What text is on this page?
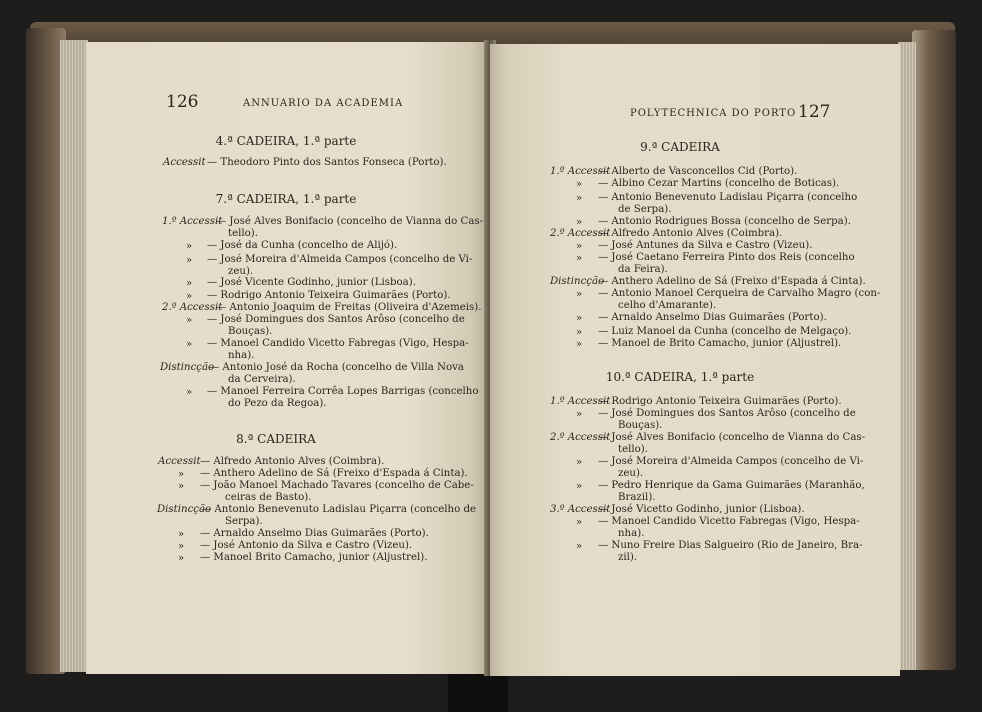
126	ANNUARIO DA ACADEMIA
4.ª CADEIRA, 1.ª parte
Accessit — Theodoro Pinto dos Santos Fonseca (Porto).
7.ª CADEIRA, 1.ª parte
1.º Accessit
— José Alves Bonifacio (concelho de Vianna do Cas-
tello).
» — José da Cunha (concelho de Alijó).
» — José Moreira d'Almeida Campos (concelho de Vi-
zeu).
» — José Vicente Godinho, junior (Lisboa).
» — Rodrigo Antonio Teixeira Guimarães (Porto).
2.º Accessit
— Antonio Joaquim de Freitas (Oliveira d'Azemeis).
» — José Domingues dos Santos Arôso (concelho de
Bouças).
» — Manoel Candido Vicetto Fabregas (Vigo, Hespa-
nha).
Distincção
— Antonio José da Rocha (concelho de Villa Nova
da Cerveira).
» — Manoel Ferreira Corrêa Lopes Barrigas (concelho
do Pezo da Regoa).
8.ª CADEIRA
Accessit — Alfredo Antonio Alves (Coimbra).
» — Anthero Adelino de Sá (Freixo d'Espada á Cinta).
» — João Manoel Machado Tavares (concelho de Cabe-
ceiras de Basto).
Distincção
— Antonio Benevenuto Ladislau Piçarra (concelho de
Serpa).
» — Arnaldo Anselmo Dias Guimarães (Porto).
» — José Antonio da Silva e Castro (Vizeu).
» — Manoel Brito Camacho, junior (Aljustrel).
POLYTECHNICA DO PORTO 127
9.ª CADEIRA
1.º Accessit
— Alberto de Vasconcellos Cid (Porto).
» — Albino Cezar Martins (concelho de Boticas).
» — Antonio Benevenuto Ladislau Piçarra (concelho
de Serpa).
» — Antonio Rodrigues Bossa (concelho de Serpa).
2.º Accessit
— Alfredo Antonio Alves (Coimbra).
» — José Antunes da Silva e Castro (Vizeu).
» — José Caetano Ferreira Pinto dos Reis (concelho
da Feira).
Distincção
— Anthero Adelino de Sá (Freixo d'Espada á Cinta).
» — Antonio Manoel Cerqueira de Carvalho Magro (con-
celho d'Amarante).
» — Arnaldo Anselmo Dias Guimarães (Porto).
» — Luiz Manoel da Cunha (concelho de Melgaço).
» — Manoel de Brito Camacho, junior (Aljustrel).
10.ª CADEIRA, 1.ª parte
1.º Accessit
— Rodrigo Antonio Teixeira Guimarães (Porto).
» — José Domingues dos Santos Arôso (concelho de
Bouças).
2.º Accessit
— José Alves Bonifacio (concelho de Vianna do Cas-
tello).
» — José Moreira d'Almeida Campos (concelho de Vi-
zeu).
» — Pedro Henrique da Gama Guimarães (Maranhão,
Brazil).
3.º Accessit
— José Vicetto Godinho, junior (Lisboa).
» — Manoel Candido Vicetto Fabregas (Vigo, Hespa-
nha).
» — Nuno Freire Dias Salgueiro (Rio de Janeiro, Bra-
zil).
